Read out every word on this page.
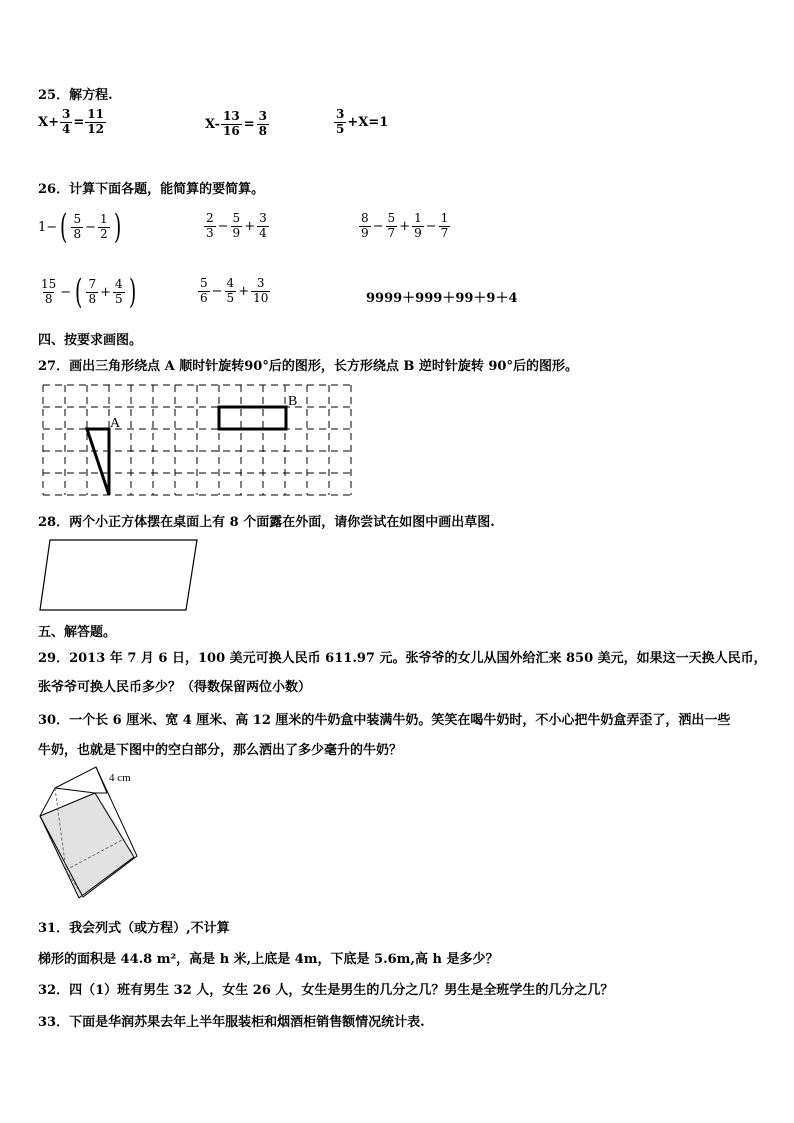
25．解方程.
$X+ \frac{3}{4} = \frac{11}{12}$	$X- \frac{13}{16} = \frac{3}{8}$	$\frac{3}{5} +X=1$
26．计算下面各题，能简算的要简算。
1− ( $\frac{5}{8} - \frac{1}{2}$ )	$\frac{2}{3} - \frac{5}{9} + \frac{3}{4}$	$\frac{8}{9} - \frac{5}{7} + \frac{1}{9} - \frac{1}{7}$
$\frac{15}{8}$ − ( $\frac{7}{8} + \frac{4}{5}$ )	$\frac{5}{6} - \frac{4}{5} + \frac{3}{10}$	9999＋999＋99＋9＋4
四、按要求画图。
27．画出三角形绕点 A 顺时针旋转90°后的图形，长方形绕点 B 逆时针旋转 90°后的图形。
A
B
28．两个小正方体摆在桌面上有 8 个面露在外面，请你尝试在如图中画出草图.
五、解答题。
29．2013 年 7 月 6 日，100 美元可换人民币 611.97 元。张爷爷的女儿从国外给汇来 850 美元，如果这一天换人民币，
张爷爷可换人民币多少？（得数保留两位小数）
30．一个长 6 厘米、宽 4 厘米、高 12 厘米的牛奶盒中装满牛奶。笑笑在喝牛奶时，不小心把牛奶盒弄歪了，洒出一些
牛奶，也就是下图中的空白部分，那么洒出了多少毫升的牛奶？
4 cm
31．我会列式（或方程）,不计算
梯形的面积是 44.8 m²，高是 h 米,上底是 4m，下底是 5.6m,高 h 是多少？
32．四（1）班有男生 32 人，女生 26 人，女生是男生的几分之几？男生是全班学生的几分之几？
33．下面是华润苏果去年上半年服装柜和烟酒柜销售额情况统计表.
